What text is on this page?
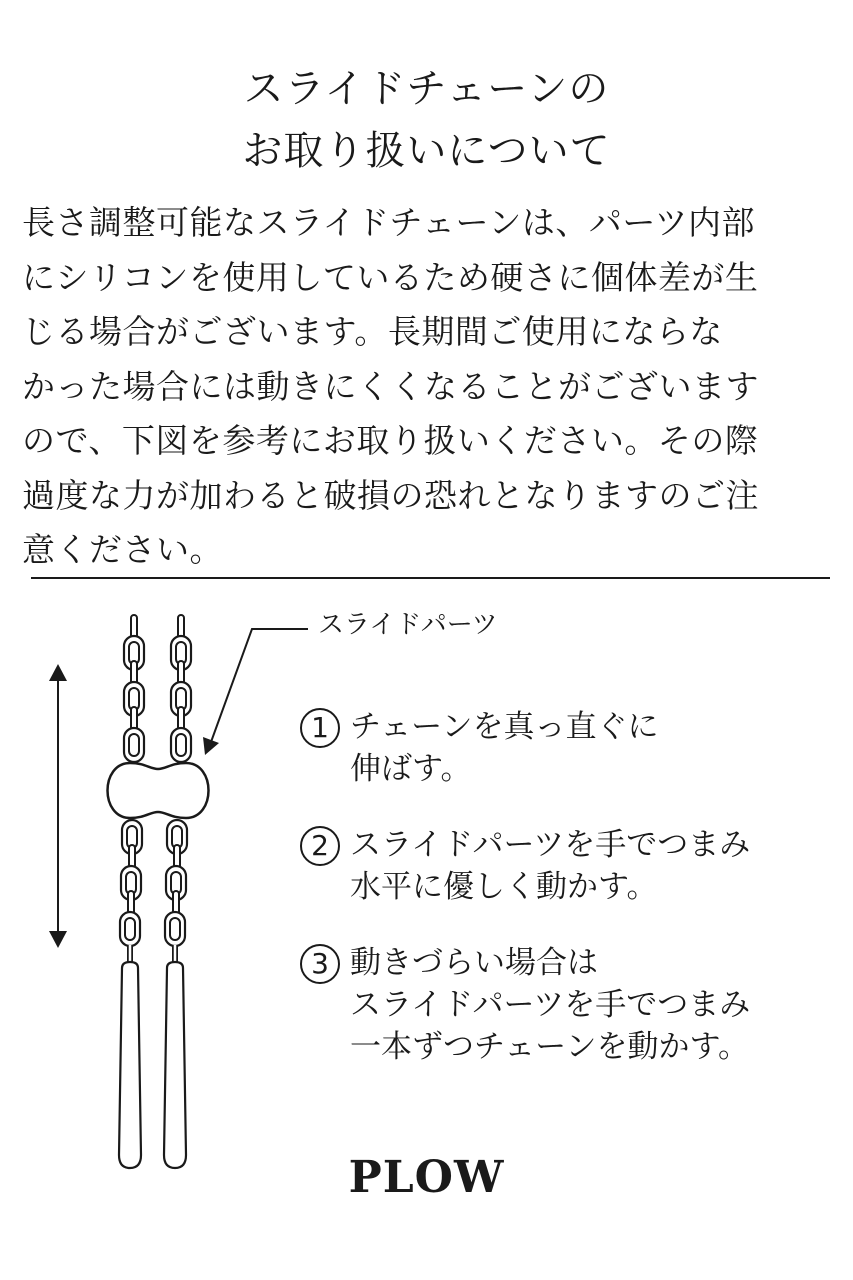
スライドチェーンの
お取り扱いについて
長さ調整可能なスライドチェーンは、パーツ内部
にシリコンを使用しているため硬さに個体差が生
じる場合がございます。長期間ご使用にならな
かった場合には動きにくくなることがございます
ので、下図を参考にお取り扱いください。その際
過度な力が加わると破損の恐れとなりますのご注
意ください。
スライドパーツ
1 チェーンを真っ直ぐに
伸ばす。
2 スライドパーツを手でつまみ
水平に優しく動かす。
3 動きづらい場合は
スライドパーツを手でつまみ
一本ずつチェーンを動かす。
PLOW
